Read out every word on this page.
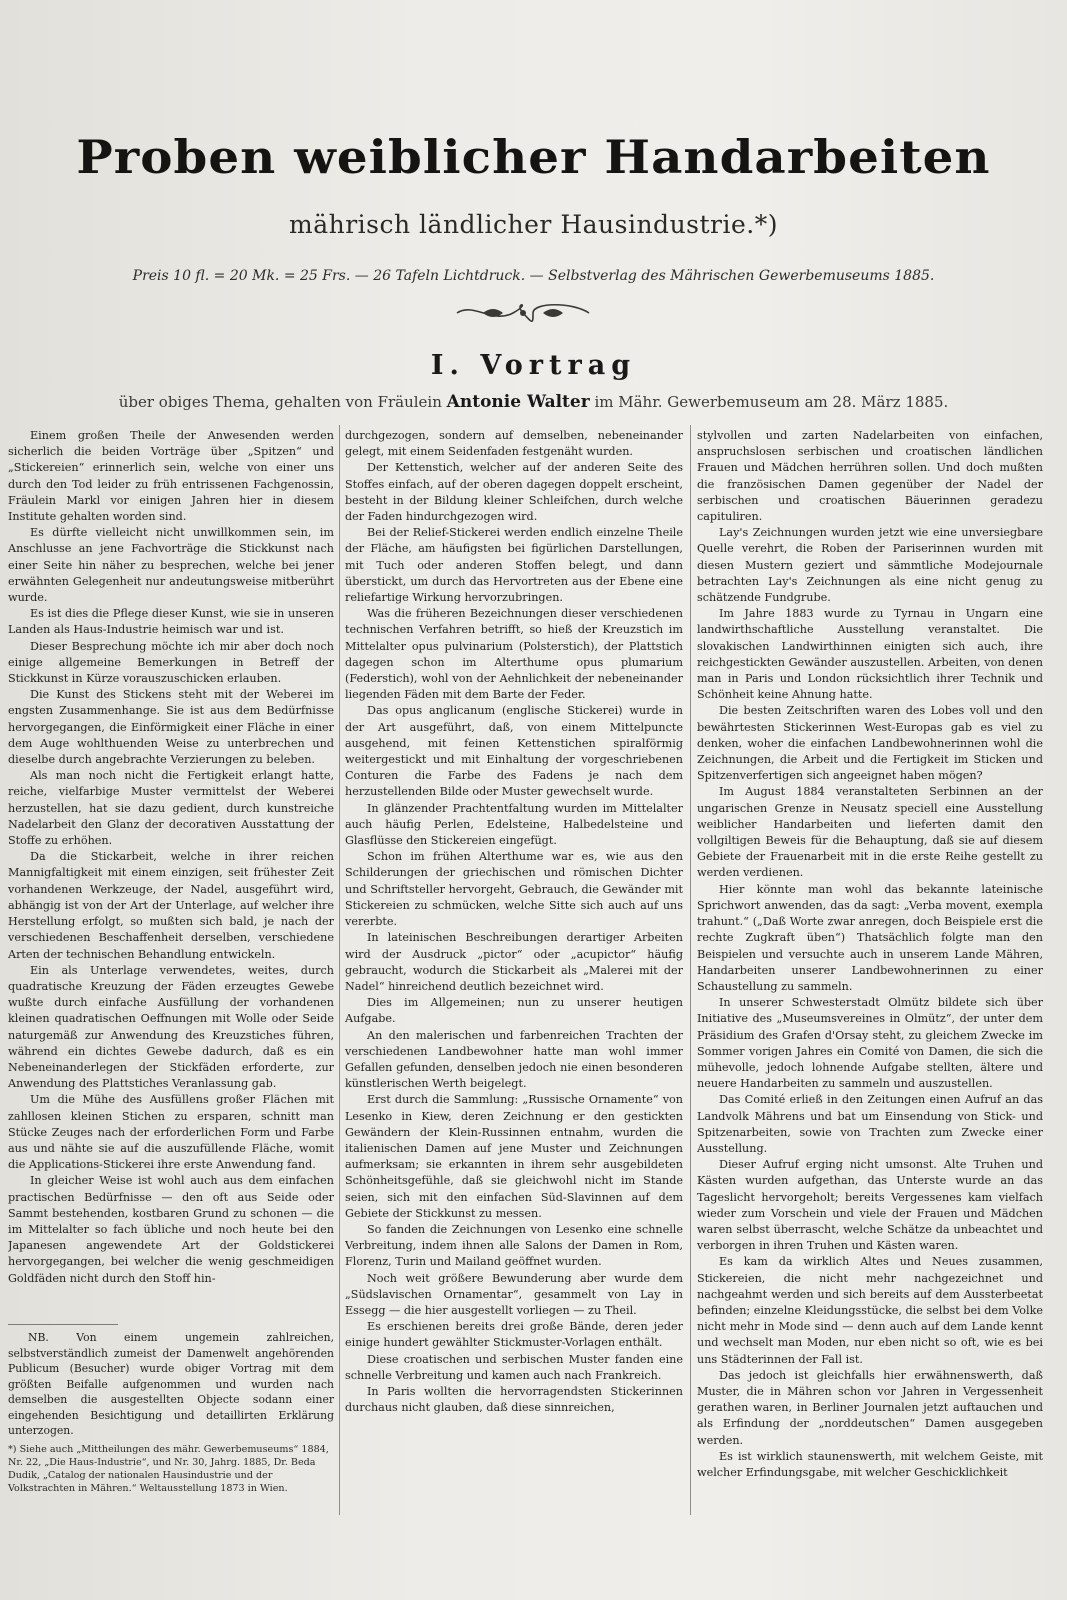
Proben weiblicher Handarbeiten
mährisch ländlicher Hausindustrie.*)
Preis 10 fl. = 20 Mk. = 25 Frs. — 26 Tafeln Lichtdruck. — Selbstverlag des Mährischen Gewerbemuseums 1885.
I. Vortrag
über obiges Thema, gehalten von Fräulein Antonie Walter im Mähr. Gewerbemuseum am 28. März 1885.

Einem großen Theile der Anwesenden werden sicherlich die beiden Vorträge über „Spitzen“ und „Stickereien“ erinnerlich sein, welche von einer uns durch den Tod leider zu früh entrissenen Fachgenossin, Fräulein Markl vor einigen Jahren hier in diesem Institute gehalten worden sind.

Es dürfte vielleicht nicht unwillkommen sein, im Anschlusse an jene Fachvorträge die Stickkunst nach einer Seite hin näher zu besprechen, welche bei jener erwähnten Gelegenheit nur andeutungsweise mitberührt wurde.

Es ist dies die Pflege dieser Kunst, wie sie in unseren Landen als Haus-Industrie heimisch war und ist.

Dieser Besprechung möchte ich mir aber doch noch einige allgemeine Bemerkungen in Betreff der Stickkunst in Kürze vorauszuschicken erlauben.

Die Kunst des Stickens steht mit der Weberei im engsten Zusammenhange. Sie ist aus dem Bedürfnisse hervorgegangen, die Einförmigkeit einer Fläche in einer dem Auge wohlthuenden Weise zu unterbrechen und dieselbe durch angebrachte Verzierungen zu beleben.

Als man noch nicht die Fertigkeit erlangt hatte, reiche, vielfarbige Muster vermittelst der Weberei herzustellen, hat sie dazu gedient, durch kunstreiche Nadelarbeit den Glanz der decorativen Ausstattung der Stoffe zu erhöhen.

Da die Stickarbeit, welche in ihrer reichen Mannigfaltigkeit mit einem einzigen, seit frühester Zeit vorhandenen Werkzeuge, der Nadel, ausgeführt wird, abhängig ist von der Art der Unterlage, auf welcher ihre Herstellung erfolgt, so mußten sich bald, je nach der verschiedenen Beschaffenheit derselben, verschiedene Arten der technischen Behandlung entwickeln.

Ein als Unterlage verwendetes, weites, durch quadratische Kreuzung der Fäden erzeugtes Gewebe wußte durch einfache Ausfüllung der vorhandenen kleinen quadratischen Oeffnungen mit Wolle oder Seide naturgemäß zur Anwendung des Kreuzstiches führen, während ein dichtes Gewebe dadurch, daß es ein Nebeneinanderlegen der Stickfäden erforderte, zur Anwendung des Plattstiches Veranlassung gab.

Um die Mühe des Ausfüllens großer Flächen mit zahllosen kleinen Stichen zu ersparen, schnitt man Stücke Zeuges nach der erforderlichen Form und Farbe aus und nähte sie auf die auszufüllende Fläche, womit die Applications-Stickerei ihre erste Anwendung fand.

In gleicher Weise ist wohl auch aus dem einfachen practischen Bedürfnisse — den oft aus Seide oder Sammt bestehenden, kostbaren Grund zu schonen — die im Mittelalter so fach übliche und noch heute bei den Japanesen angewendete Art der Goldstickerei hervorgegangen, bei welcher die wenig geschmeidigen Goldfäden nicht durch den Stoff hin-

NB. Von einem ungemein zahlreichen, selbstverständlich zumeist der Damenwelt angehörenden Publicum (Besucher) wurde obiger Vortrag mit dem größten Beifalle aufgenommen und wurden nach demselben die ausgestellten Objecte sodann einer eingehenden Besichtigung und detaillirten Erklärung unterzogen.

*) Siehe auch „Mittheilungen des mähr. Gewerbemuseums“ 1884, Nr. 22, „Die Haus-Industrie“, und Nr. 30, Jahrg. 1885, Dr. Beda Dudik, „Catalog der nationalen Hausindustrie und der Volkstrachten in Mähren.“ Weltausstellung 1873 in Wien.

durchgezogen, sondern auf demselben, nebeneinander gelegt, mit einem Seidenfaden festgenäht wurden.

Der Kettenstich, welcher auf der anderen Seite des Stoffes einfach, auf der oberen dagegen doppelt erscheint, besteht in der Bildung kleiner Schleifchen, durch welche der Faden hindurchgezogen wird.

Bei der Relief-Stickerei werden endlich einzelne Theile der Fläche, am häufigsten bei figürlichen Darstellungen, mit Tuch oder anderen Stoffen belegt, und dann überstickt, um durch das Hervortreten aus der Ebene eine reliefartige Wirkung hervorzubringen.

Was die früheren Bezeichnungen dieser verschiedenen technischen Verfahren betrifft, so hieß der Kreuzstich im Mittelalter opus pulvinarium (Polsterstich), der Plattstich dagegen schon im Alterthume opus plumarium (Federstich), wohl von der Aehnlichkeit der nebeneinander liegenden Fäden mit dem Barte der Feder.

Das opus anglicanum (englische Stickerei) wurde in der Art ausgeführt, daß, von einem Mittelpuncte ausgehend, mit feinen Kettenstichen spiralförmig weitergestickt und mit Einhaltung der vorgeschriebenen Conturen die Farbe des Fadens je nach dem herzustellenden Bilde oder Muster gewechselt wurde.

In glänzender Prachtentfaltung wurden im Mittelalter auch häufig Perlen, Edelsteine, Halbedelsteine und Glasflüsse den Stickereien eingefügt.

Schon im frühen Alterthume war es, wie aus den Schilderungen der griechischen und römischen Dichter und Schriftsteller hervorgeht, Gebrauch, die Gewänder mit Stickereien zu schmücken, welche Sitte sich auch auf uns vererbte.

In lateinischen Beschreibungen derartiger Arbeiten wird der Ausdruck „pictor“ oder „acupictor“ häufig gebraucht, wodurch die Stickarbeit als „Malerei mit der Nadel“ hinreichend deutlich bezeichnet wird.

Dies im Allgemeinen; nun zu unserer heutigen Aufgabe.

An den malerischen und farbenreichen Trachten der verschiedenen Landbewohner hatte man wohl immer Gefallen gefunden, denselben jedoch nie einen besonderen künstlerischen Werth beigelegt.

Erst durch die Sammlung: „Russische Ornamente“ von Lesenko in Kiew, deren Zeichnung er den gestickten Gewändern der Klein-Russinnen entnahm, wurden die italienischen Damen auf jene Muster und Zeichnungen aufmerksam; sie erkannten in ihrem sehr ausgebildeten Schönheitsgefühle, daß sie gleichwohl nicht im Stande seien, sich mit den einfachen Süd-Slavinnen auf dem Gebiete der Stickkunst zu messen.

So fanden die Zeichnungen von Lesenko eine schnelle Verbreitung, indem ihnen alle Salons der Damen in Rom, Florenz, Turin und Mailand geöffnet wurden.

Noch weit größere Bewunderung aber wurde dem „Südslavischen Ornamentar“, gesammelt von Lay in Essegg — die hier ausgestellt vorliegen — zu Theil.

Es erschienen bereits drei große Bände, deren jeder einige hundert gewählter Stickmuster-Vorlagen enthält.

Diese croatischen und serbischen Muster fanden eine schnelle Verbreitung und kamen auch nach Frankreich.

In Paris wollten die hervorragendsten Stickerinnen durchaus nicht glauben, daß diese sinnreichen,

stylvollen und zarten Nadelarbeiten von einfachen, anspruchslosen serbischen und croatischen ländlichen Frauen und Mädchen herrühren sollen. Und doch mußten die französischen Damen gegenüber der Nadel der serbischen und croatischen Bäuerinnen geradezu capituliren.

Lay's Zeichnungen wurden jetzt wie eine unversiegbare Quelle verehrt, die Roben der Pariserinnen wurden mit diesen Mustern geziert und sämmtliche Modejournale betrachten Lay's Zeichnungen als eine nicht genug zu schätzende Fundgrube.

Im Jahre 1883 wurde zu Tyrnau in Ungarn eine landwirthschaftliche Ausstellung veranstaltet. Die slovakischen Landwirthinnen einigten sich auch, ihre reichgestickten Gewänder auszustellen. Arbeiten, von denen man in Paris und London rücksichtlich ihrer Technik und Schönheit keine Ahnung hatte.

Die besten Zeitschriften waren des Lobes voll und den bewährtesten Stickerinnen West-Europas gab es viel zu denken, woher die einfachen Landbewohnerinnen wohl die Zeichnungen, die Arbeit und die Fertigkeit im Sticken und Spitzenverfertigen sich angeeignet haben mögen?

Im August 1884 veranstalteten Serbinnen an der ungarischen Grenze in Neusatz speciell eine Ausstellung weiblicher Handarbeiten und lieferten damit den vollgiltigen Beweis für die Behauptung, daß sie auf diesem Gebiete der Frauenarbeit mit in die erste Reihe gestellt zu werden verdienen.

Hier könnte man wohl das bekannte lateinische Sprichwort anwenden, das da sagt: „Verba movent, exempla trahunt.“ („Daß Worte zwar anregen, doch Beispiele erst die rechte Zugkraft üben“) Thatsächlich folgte man den Beispielen und versuchte auch in unserem Lande Mähren, Handarbeiten unserer Landbewohnerinnen zu einer Schaustellung zu sammeln.

In unserer Schwesterstadt Olmütz bildete sich über Initiative des „Museumsvereines in Olmütz“, der unter dem Präsidium des Grafen d'Orsay steht, zu gleichem Zwecke im Sommer vorigen Jahres ein Comité von Damen, die sich die mühevolle, jedoch lohnende Aufgabe stellten, ältere und neuere Handarbeiten zu sammeln und auszustellen.

Das Comité erließ in den Zeitungen einen Aufruf an das Landvolk Mährens und bat um Einsendung von Stick- und Spitzenarbeiten, sowie von Trachten zum Zwecke einer Ausstellung.

Dieser Aufruf erging nicht umsonst. Alte Truhen und Kästen wurden aufgethan, das Unterste wurde an das Tageslicht hervorgeholt; bereits Vergessenes kam vielfach wieder zum Vorschein und viele der Frauen und Mädchen waren selbst überrascht, welche Schätze da unbeachtet und verborgen in ihren Truhen und Kästen waren.

Es kam da wirklich Altes und Neues zusammen, Stickereien, die nicht mehr nachgezeichnet und nachgeahmt werden und sich bereits auf dem Aussterbeetat befinden; einzelne Kleidungsstücke, die selbst bei dem Volke nicht mehr in Mode sind — denn auch auf dem Lande kennt und wechselt man Moden, nur eben nicht so oft, wie es bei uns Städterinnen der Fall ist.

Das jedoch ist gleichfalls hier erwähnenswerth, daß Muster, die in Mähren schon vor Jahren in Vergessenheit gerathen waren, in Berliner Journalen jetzt auftauchen und als Erfindung der „norddeutschen“ Damen ausgegeben werden.

Es ist wirklich staunenswerth, mit welchem Geiste, mit welcher Erfindungsgabe, mit welcher Geschicklichkeit
